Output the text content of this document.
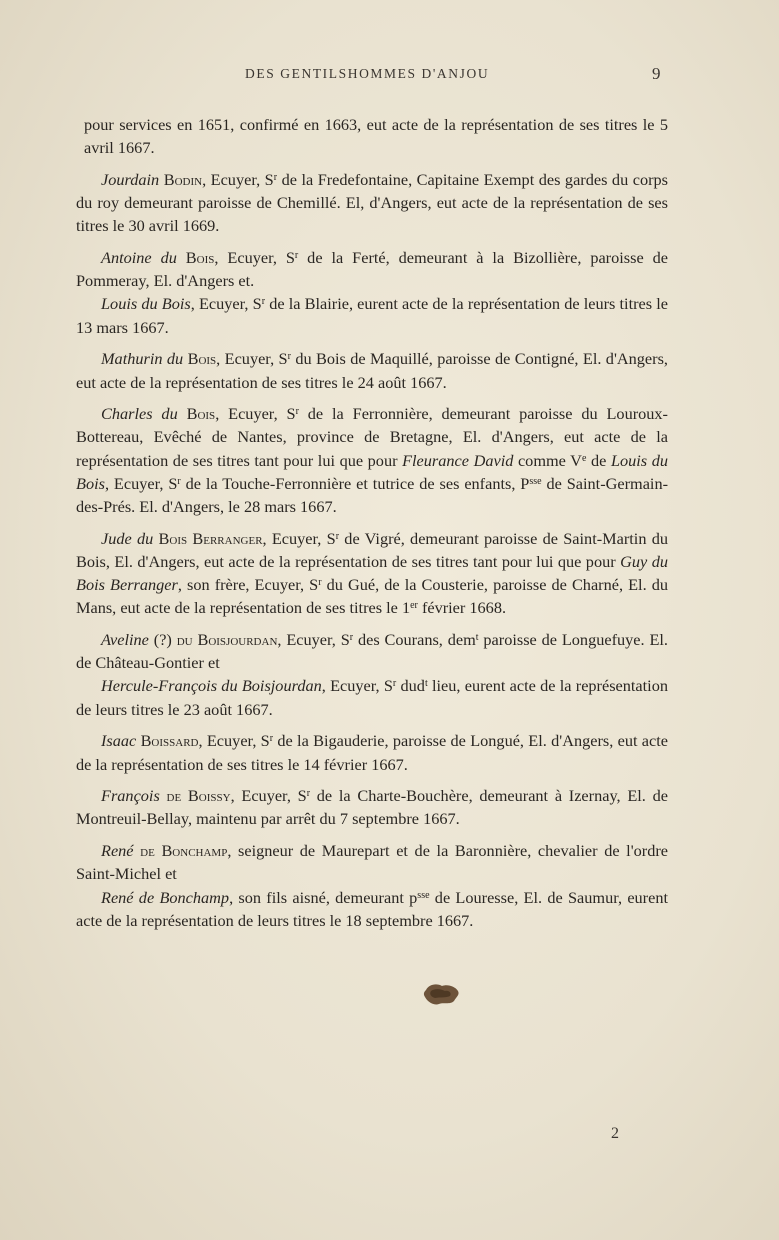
DES GENTILSHOMMES D'ANJOU	9

pour services en 1651, confirmé en 1663, eut acte de la représentation de ses titres le 5 avril 1667.

Jourdain Bodin, Ecuyer, $S^r$ de la Fredefontaine, Capitaine Exempt des gardes du corps du roy demeurant paroisse de Chemillé. El, d'Angers, eut acte de la représentation de ses titres le 30 avril 1669.

Antoine du Bois, Ecuyer, $S^r$ de la Ferté, demeurant à la Bizollière, paroisse de Pommeray, El. d'Angers et.

Louis du Bois, Ecuyer, $S^r$ de la Blairie, eurent acte de la représentation de leurs titres le 13 mars 1667.

Mathurin du Bois, Ecuyer, $S^r$ du Bois de Maquillé, paroisse de Contigné, El. d'Angers, eut acte de la représentation de ses titres le 24 août 1667.

Charles du Bois, Ecuyer, $S^r$ de la Ferronnière, demeurant paroisse du Louroux-Bottereau, Evêché de Nantes, province de Bretagne, El. d'Angers, eut acte de la représentation de ses titres tant pour lui que pour Fleurance David comme Ve de Louis du Bois, Ecuyer, $S^r$ de la Touche-Ferronnière et tutrice de ses enfants, $P^{sse}$ de Saint-Germain-des-Prés. El. d'Angers, le 28 mars 1667.

Jude du Bois Berranger, Ecuyer, $S^r$ de Vigré, demeurant paroisse de Saint-Martin du Bois, El. d'Angers, eut acte de la représentation de ses titres tant pour lui que pour Guy du Bois Berranger, son frère, Ecuyer, $S^r$ du Gué, de la Cousterie, paroisse de Charné, El. du Mans, eut acte de la représentation de ses titres le 1er février 1668.

Aveline (?) du Boisjourdan, Ecuyer, $S^r$ des Courans, dem$^t$ paroisse de Longuefuye. El. de Château-Gontier et

Hercule-François du Boisjourdan, Ecuyer, $S^r$ dud$^t$ lieu, eurent acte de la représentation de leurs titres le 23 août 1667.

Isaac Boissard, Ecuyer, $S^r$ de la Bigauderie, paroisse de Longué, El. d'Angers, eut acte de la représentation de ses titres le 14 février 1667.

François de Boissy, Ecuyer, $S^r$ de la Charte-Bouchère, demeurant à Izernay, El. de Montreuil-Bellay, maintenu par arrêt du 7 septembre 1667.

René de Bonchamp, seigneur de Maurepart et de la Baronnière, chevalier de l'ordre Saint-Michel et

René de Bonchamp, son fils aisné, demeurant $p^{sse}$ de Louresse, El. de Saumur, eurent acte de la représentation de leurs titres le 18 septembre 1667.

2
